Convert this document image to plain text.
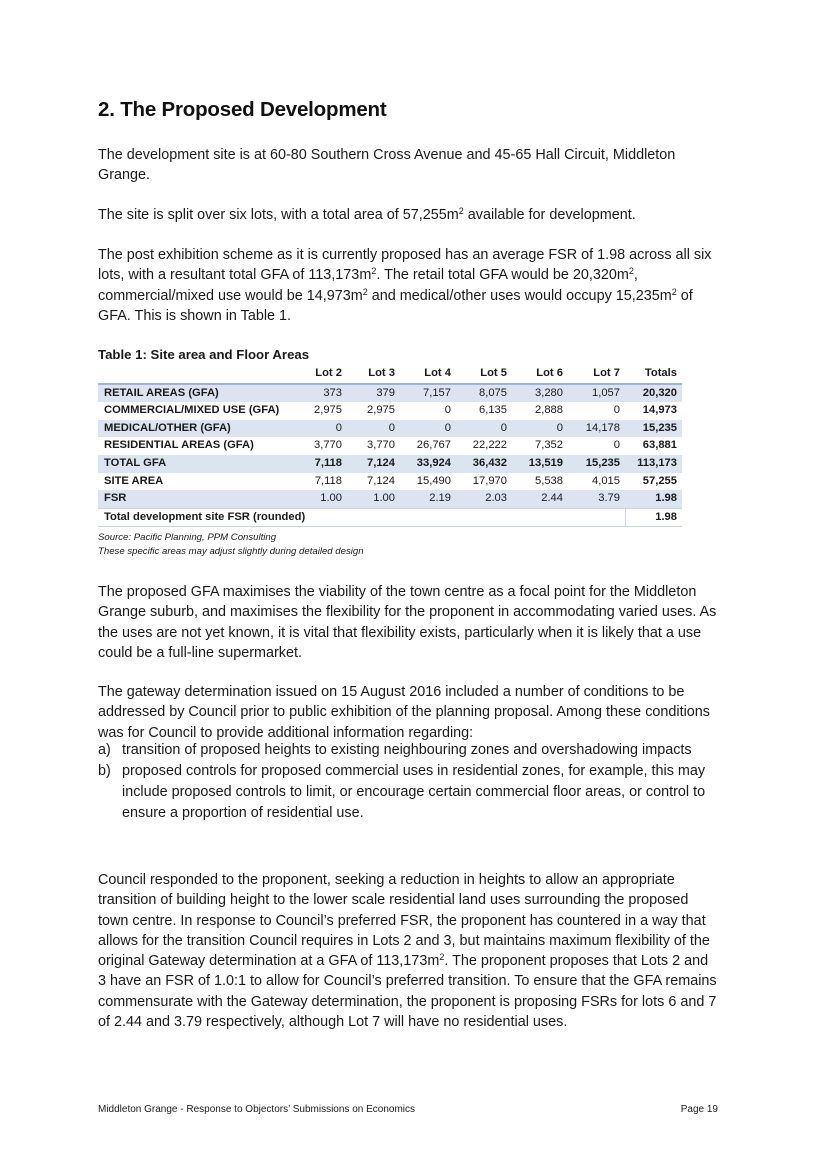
2. The Proposed Development

The development site is at 60-80 Southern Cross Avenue and 45-65 Hall Circuit, Middleton Grange.

The site is split over six lots, with a total area of $57,255m^2$ available for development.

The post exhibition scheme as it is currently proposed has an average FSR of 1.98 across all six lots, with a resultant total GFA of $113,173m^2$. The retail total GFA would be $20,320m^2$, commercial/mixed use would be $14,973m^2$ and medical/other uses would occupy $15,235m^2$ of GFA. This is shown in Table 1.

Table 1: Site area and Floor Areas

	Lot 2	Lot 3	Lot 4	Lot 5	Lot 6	Lot 7	Totals
RETAIL AREAS (GFA)	373	379	7,157	8,075	3,280	1,057	20,320
COMMERCIAL/MIXED USE (GFA)	2,975	2,975	0	6,135	2,888	0	14,973
MEDICAL/OTHER (GFA)	0	0	0	0	0	14,178	15,235
RESIDENTIAL AREAS (GFA)	3,770	3,770	26,767	22,222	7,352	0	63,881
TOTAL GFA	7,118	7,124	33,924	36,432	13,519	15,235	113,173
SITE AREA	7,118	7,124	15,490	17,970	5,538	4,015	57,255
FSR	1.00	1.00	2.19	2.03	2.44	3.79	1.98
Total development site FSR (rounded)							1.98

Source: Pacific Planning, PPM Consulting

These specific areas may adjust slightly during detailed design

The proposed GFA maximises the viability of the town centre as a focal point for the Middleton Grange suburb, and maximises the flexibility for the proponent in accommodating varied uses. As the uses are not yet known, it is vital that flexibility exists, particularly when it is likely that a use could be a full-line supermarket.

The gateway determination issued on 15 August 2016 included a number of conditions to be addressed by Council prior to public exhibition of the planning proposal. Among these conditions was for Council to provide additional information regarding:

a) transition of proposed heights to existing neighbouring zones and overshadowing impacts
b) proposed controls for proposed commercial uses in residential zones, for example, this may include proposed controls to limit, or encourage certain commercial floor areas, or control to ensure a proportion of residential use.

Council responded to the proponent, seeking a reduction in heights to allow an appropriate transition of building height to the lower scale residential land uses surrounding the proposed town centre. In response to Council’s preferred FSR, the proponent has countered in a way that allows for the transition Council requires in Lots 2 and 3, but maintains maximum flexibility of the original Gateway determination at a GFA of $113,173m^2$. The proponent proposes that Lots 2 and 3 have an FSR of 1.0:1 to allow for Council’s preferred transition. To ensure that the GFA remains commensurate with the Gateway determination, the proponent is proposing FSRs for lots 6 and 7 of 2.44 and 3.79 respectively, although Lot 7 will have no residential uses.

Middleton Grange - Response to Objectors’ Submissions on Economics	Page 19
